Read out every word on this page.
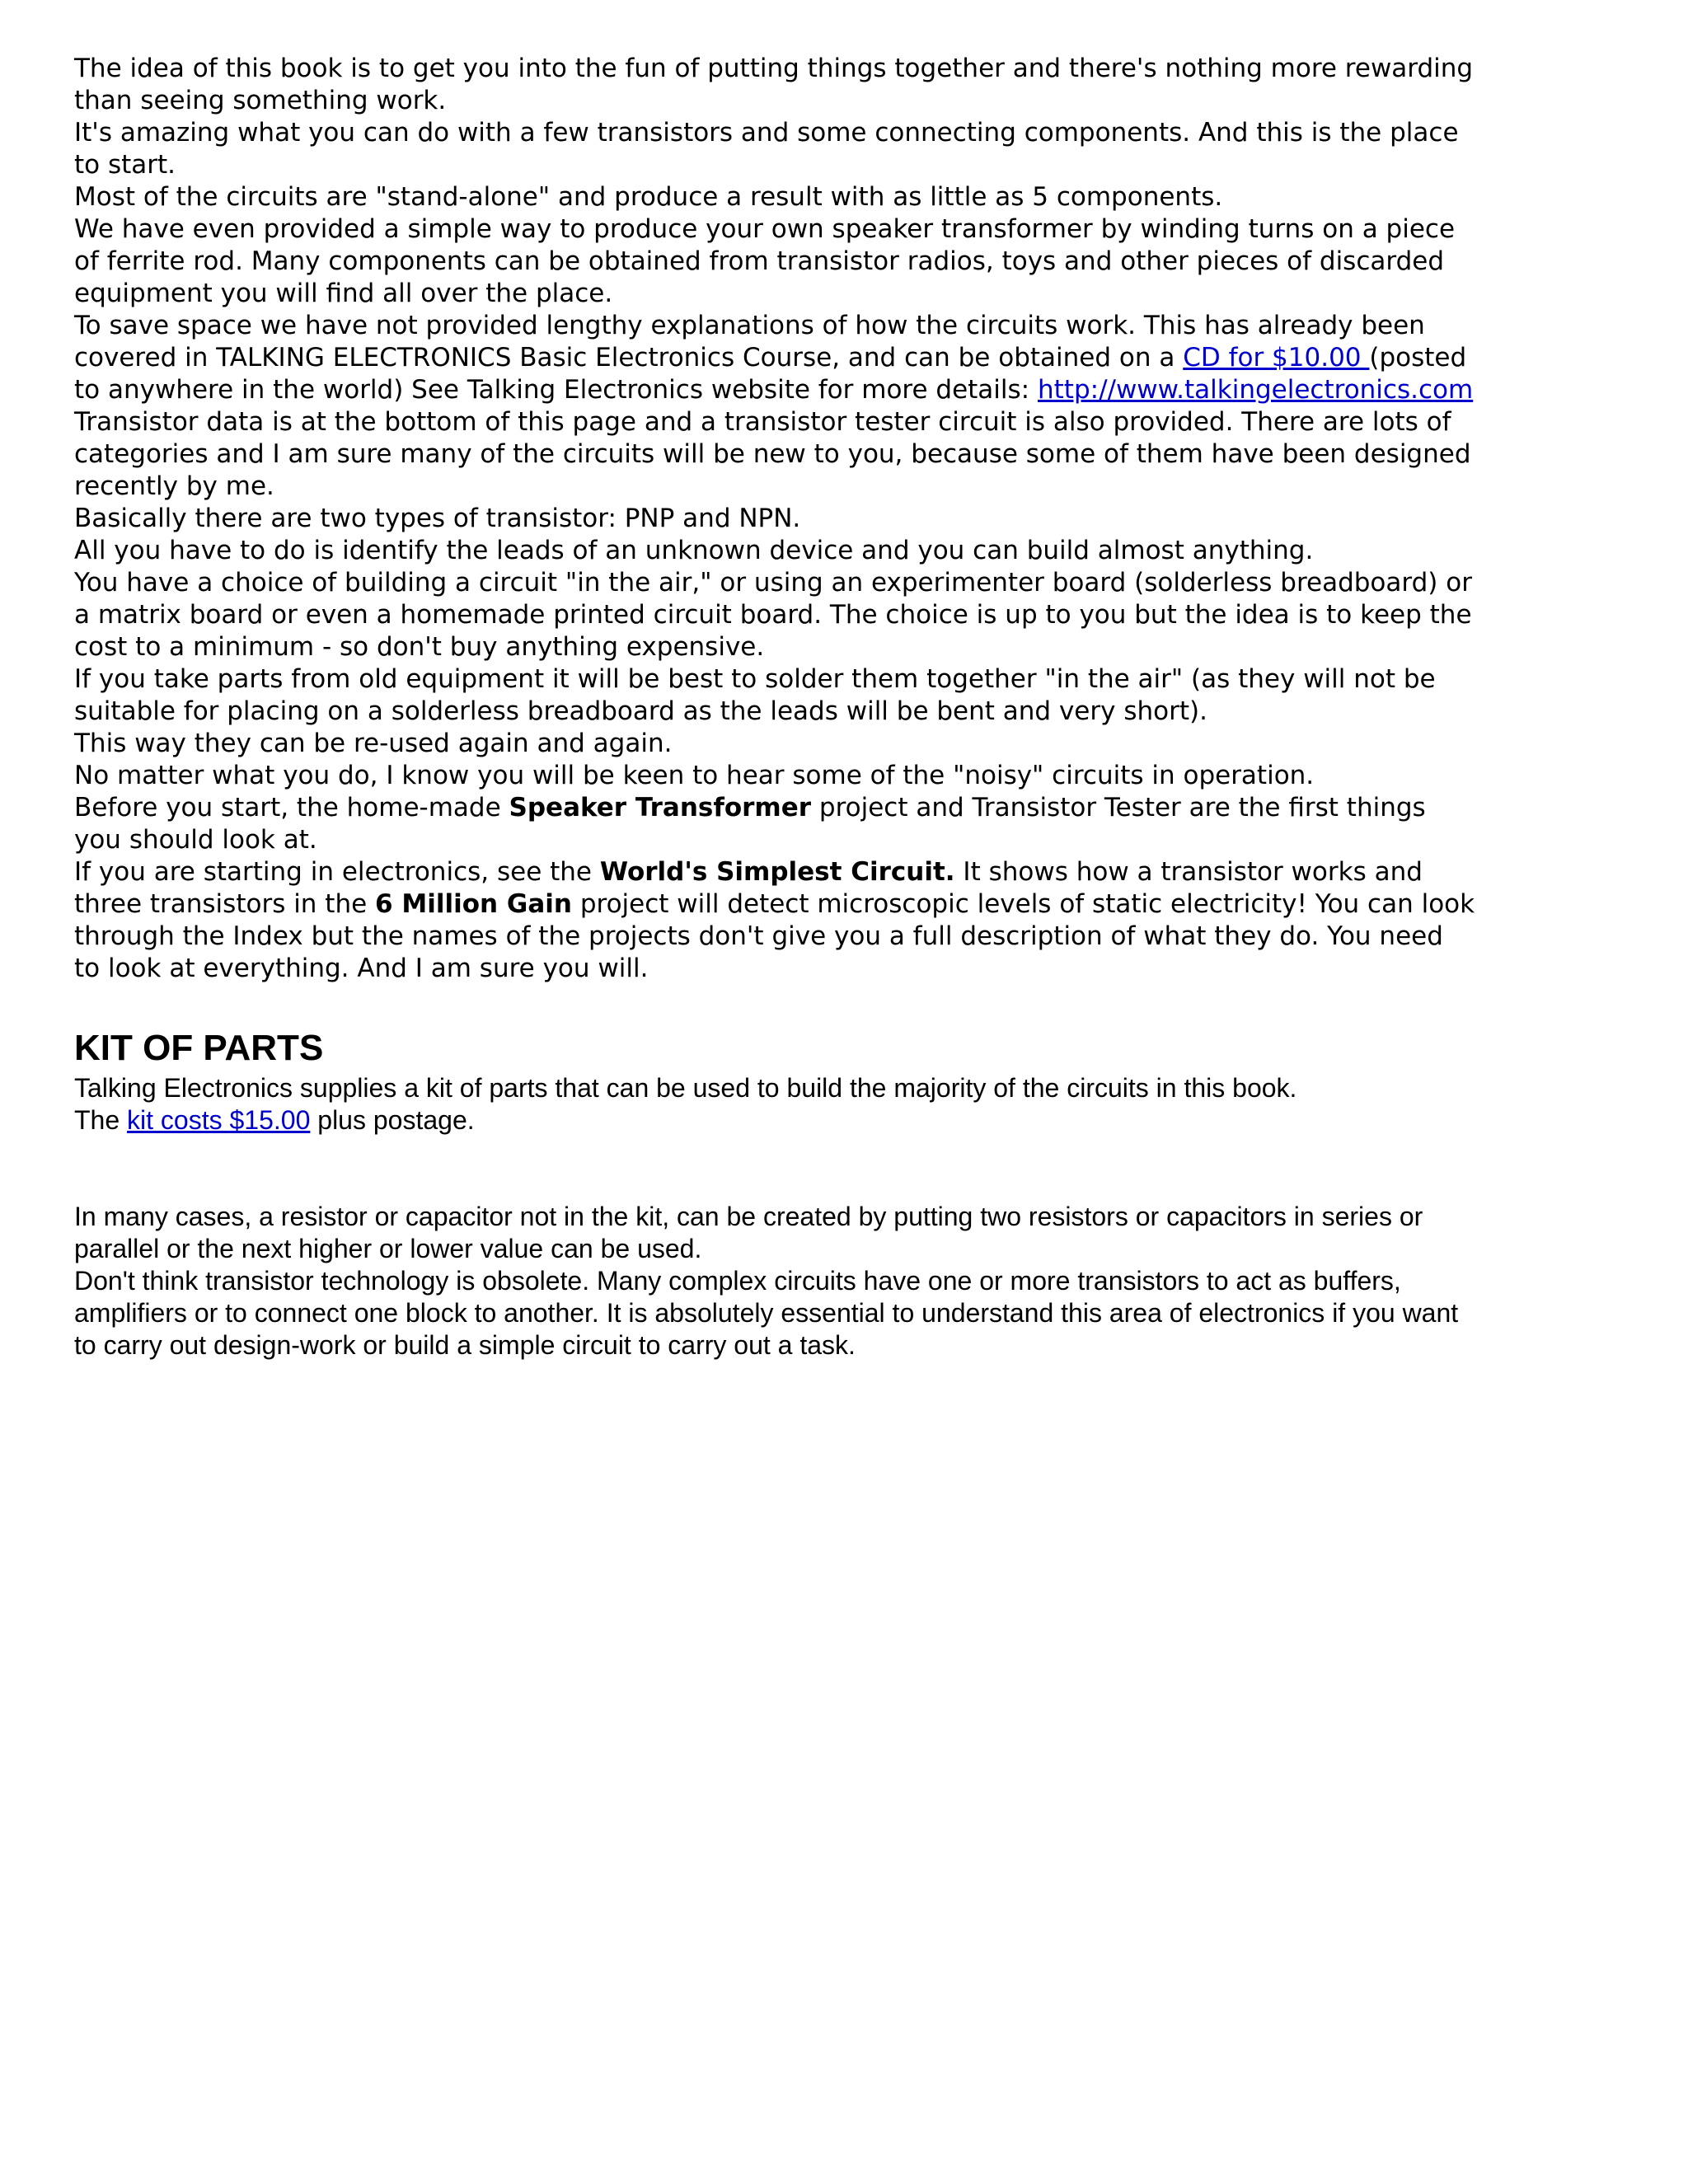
The idea of this book is to get you into the fun of putting things together and there's nothing more rewarding than seeing something work.

It's amazing what you can do with a few transistors and some connecting components. And this is the place to start.

Most of the circuits are "stand-alone" and produce a result with as little as 5 components.

We have even provided a simple way to produce your own speaker transformer by winding turns on a piece of ferrite rod. Many components can be obtained from transistor radios, toys and other pieces of discarded equipment you will find all over the place.

To save space we have not provided lengthy explanations of how the circuits work. This has already been covered in TALKING ELECTRONICS Basic Electronics Course, and can be obtained on a CD for $10.00 (posted to anywhere in the world) See Talking Electronics website for more details: http://www.talkingelectronics.com

Transistor data is at the bottom of this page and a transistor tester circuit is also provided. There are lots of categories and I am sure many of the circuits will be new to you, because some of them have been designed recently by me.

Basically there are two types of transistor: PNP and NPN.

All you have to do is identify the leads of an unknown device and you can build almost anything.

You have a choice of building a circuit "in the air," or using an experimenter board (solderless breadboard) or a matrix board or even a homemade printed circuit board. The choice is up to you but the idea is to keep the cost to a minimum - so don't buy anything expensive.

If you take parts from old equipment it will be best to solder them together "in the air" (as they will not be suitable for placing on a solderless breadboard as the leads will be bent and very short).

This way they can be re-used again and again.

No matter what you do, I know you will be keen to hear some of the "noisy" circuits in operation.

Before you start, the home-made Speaker Transformer project and Transistor Tester are the first things you should look at.

If you are starting in electronics, see the World's Simplest Circuit. It shows how a transistor works and three transistors in the 6 Million Gain project will detect microscopic levels of static electricity! You can look through the Index but the names of the projects don't give you a full description of what they do. You need to look at everything. And I am sure you will.

KIT OF PARTS

Talking Electronics supplies a kit of parts that can be used to build the majority of the circuits in this book.

The kit costs $15.00 plus postage.

In many cases, a resistor or capacitor not in the kit, can be created by putting two resistors or capacitors in series or parallel or the next higher or lower value can be used.

Don't think transistor technology is obsolete. Many complex circuits have one or more transistors to act as buffers, amplifiers or to connect one block to another. It is absolutely essential to understand this area of electronics if you want to carry out design-work or build a simple circuit to carry out a task.
